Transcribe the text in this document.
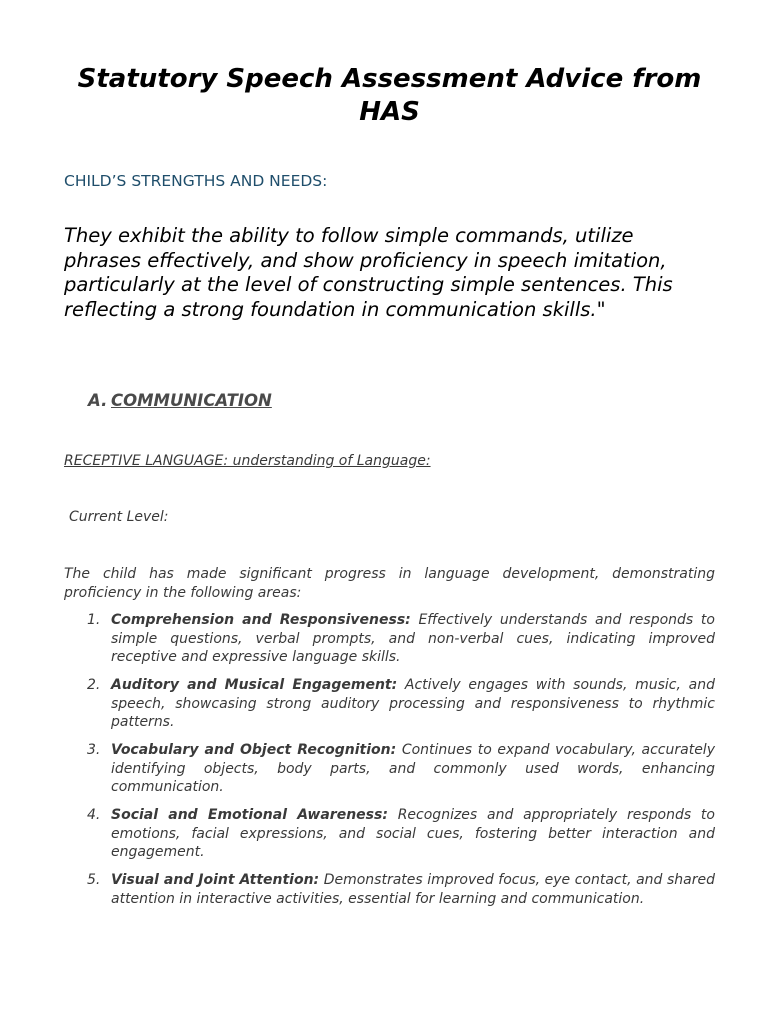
Statutory Speech Assessment Advice from HAS

CHILD’S STRENGTHS AND NEEDS:

They exhibit the ability to follow simple commands, utilize phrases effectively, and show proficiency in speech imitation, particularly at the level of constructing simple sentences. This reflecting a strong foundation in communication skills."

A. COMMUNICATION

RECEPTIVE LANGUAGE: understanding of Language:

Current Level:

The child has made significant progress in language development, demonstrating proficiency in the following areas:

1. Comprehension and Responsiveness: Effectively understands and responds to simple questions, verbal prompts, and non-verbal cues, indicating improved receptive and expressive language skills.
2. Auditory and Musical Engagement: Actively engages with sounds, music, and speech, showcasing strong auditory processing and responsiveness to rhythmic patterns.
3. Vocabulary and Object Recognition: Continues to expand vocabulary, accurately identifying objects, body parts, and commonly used words, enhancing communication.
4. Social and Emotional Awareness: Recognizes and appropriately responds to emotions, facial expressions, and social cues, fostering better interaction and engagement.
5. Visual and Joint Attention: Demonstrates improved focus, eye contact, and shared attention in interactive activities, essential for learning and communication.
